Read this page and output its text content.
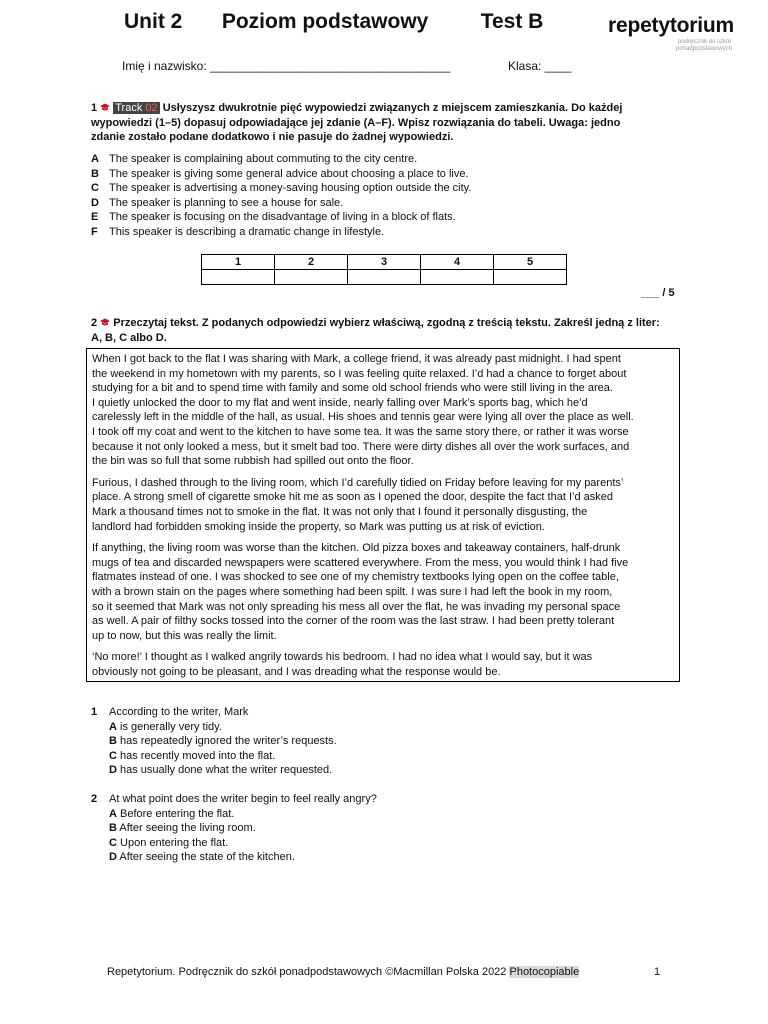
Unit 2 Poziom podstawowy Test B	repetytorium
podręcznik do szkół
ponadpodstawowych
Imię i nazwisko: ____________________________________	Klasa: ____
1 Track 02 Usłyszysz dwukrotnie pięć wypowiedzi związanych z miejscem zamieszkania. Do każdej
wypowiedzi (1–5) dopasuj odpowiadające jej zdanie (A–F). Wpisz rozwiązania do tabeli. Uwaga: jedno
zdanie zostało podane dodatkowo i nie pasuje do żadnej wypowiedzi.
A The speaker is complaining about commuting to the city centre.
B The speaker is giving some general advice about choosing a place to live.
C The speaker is advertising a money-saving housing option outside the city.
D The speaker is planning to see a house for sale.
E The speaker is focusing on the disadvantage of living in a block of flats.
F This speaker is describing a dramatic change in lifestyle.
1	2	3	4	5

___ / 5
2  Przeczytaj tekst. Z podanych odpowiedzi wybierz właściwą, zgodną z treścią tekstu. Zakreśl jedną z liter:
A, B, C albo D.

When I got back to the flat I was sharing with Mark, a college friend, it was already past midnight. I had spent
the weekend in my hometown with my parents, so I was feeling quite relaxed. I’d had a chance to forget about
studying for a bit and to spend time with family and some old school friends who were still living in the area.
I quietly unlocked the door to my flat and went inside, nearly falling over Mark’s sports bag, which he’d
carelessly left in the middle of the hall, as usual. His shoes and tennis gear were lying all over the place as well.
I took off my coat and went to the kitchen to have some tea. It was the same story there, or rather it was worse
because it not only looked a mess, but it smelt bad too. There were dirty dishes all over the work surfaces, and
the bin was so full that some rubbish had spilled out onto the floor.

Furious, I dashed through to the living room, which I’d carefully tidied on Friday before leaving for my parents’
place. A strong smell of cigarette smoke hit me as soon as I opened the door, despite the fact that I’d asked
Mark a thousand times not to smoke in the flat. It was not only that I found it personally disgusting, the
landlord had forbidden smoking inside the property, so Mark was putting us at risk of eviction.

If anything, the living room was worse than the kitchen. Old pizza boxes and takeaway containers, half-drunk
mugs of tea and discarded newspapers were scattered everywhere. From the mess, you would think I had five
flatmates instead of one. I was shocked to see one of my chemistry textbooks lying open on the coffee table,
with a brown stain on the pages where something had been spilt. I was sure I had left the book in my room,
so it seemed that Mark was not only spreading his mess all over the flat, he was invading my personal space
as well. A pair of filthy socks tossed into the corner of the room was the last straw. I had been pretty tolerant
up to now, but this was really the limit.

‘No more!’ I thought as I walked angrily towards his bedroom. I had no idea what I would say, but it was
obviously not going to be pleasant, and I was dreading what the response would be.

1 According to the writer, Mark
A is generally very tidy.
B has repeatedly ignored the writer’s requests.
C has recently moved into the flat.
D has usually done what the writer requested.
2 At what point does the writer begin to feel really angry?
A Before entering the flat.
B After seeing the living room.
C Upon entering the flat.
D After seeing the state of the kitchen.
Repetytorium. Podręcznik do szkół ponadpodstawowych ©Macmillan Polska 2022 Photocopiable	1
